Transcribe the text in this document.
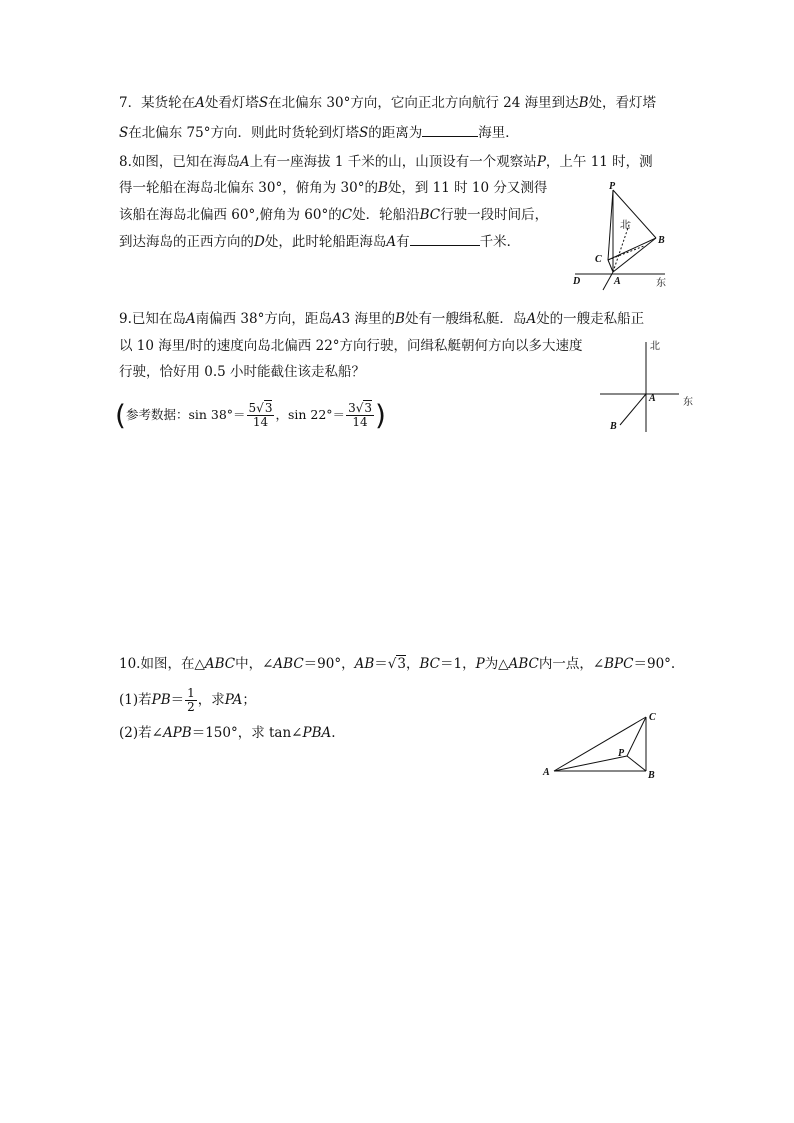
7．某货轮在A处看灯塔S在北偏东 30°方向，它向正北方向航行 24 海里到达B处，看灯塔
S在北偏东 75°方向．则此时货轮到灯塔S的距离为	海里．
8.如图，已知在海岛A上有一座海拔 1 千米的山，山顶设有一个观察站P，上午 11 时，测
得一轮船在海岛北偏东 30°，俯角为 30°的B处，到 11 时 10 分又测得
该船在海岛北偏西 60°,俯角为 60°的C处．轮船沿BC行驶一段时间后，
到达海岛的正西方向的D处，此时轮船距海岛A有	千米．
P
北
B
C
D	A	东
9.已知在岛A南偏西 38°方向，距岛A3 海里的B处有一艘缉私艇．岛A处的一艘走私船正
以 10 海里/时的速度向岛北偏西 22°方向行驶，问缉私艇朝何方向以多大速度
行驶，恰好用 0.5 小时能截住该走私船？
(参考数据：$\sin 38^\circ= \frac{5√3}{14}$ ，$\sin 22^\circ= \frac{3√3}{14}$ )
北
东
A
B
10.如图，在△ABC中，∠ABC＝90°，AB＝√3，BC＝1，P为△ABC内一点，∠BPC＝90°.
(1)若$PB= \frac{1}{2}$ ，求PA；
(2)若∠APB＝150°，求 tan∠PBA.
C
P
A	B
